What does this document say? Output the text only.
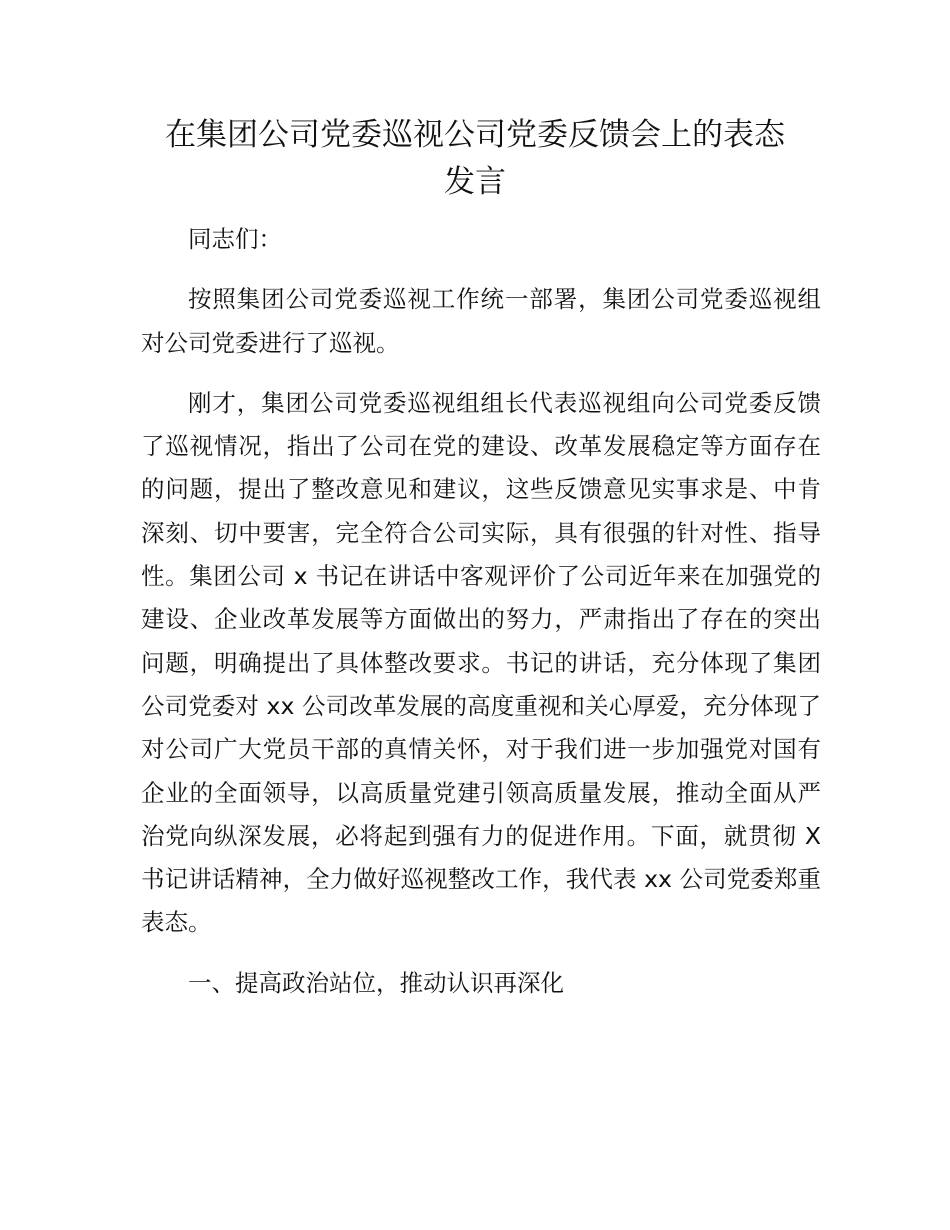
在集团公司党委巡视公司党委反馈会上的表态
发言

同志们：

按照集团公司党委巡视工作统一部署，集团公司党委巡视组对公司党委进行了巡视。

刚才，集团公司党委巡视组组长代表巡视组向公司党委反馈了巡视情况，指出了公司在党的建设、改革发展稳定等方面存在的问题，提出了整改意见和建议，这些反馈意见实事求是、中肯深刻、切中要害，完全符合公司实际，具有很强的针对性、指导性。集团公司 x 书记在讲话中客观评价了公司近年来在加强党的建设、企业改革发展等方面做出的努力，严肃指出了存在的突出问题，明确提出了具体整改要求。书记的讲话，充分体现了集团公司党委对 xx 公司改革发展的高度重视和关心厚爱，充分体现了对公司广大党员干部的真情关怀，对于我们进一步加强党对国有企业的全面领导，以高质量党建引领高质量发展，推动全面从严治党向纵深发展，必将起到强有力的促进作用。下面，就贯彻 X 书记讲话精神，全力做好巡视整改工作，我代表 xx 公司党委郑重表态。

一、提高政治站位，推动认识再深化
